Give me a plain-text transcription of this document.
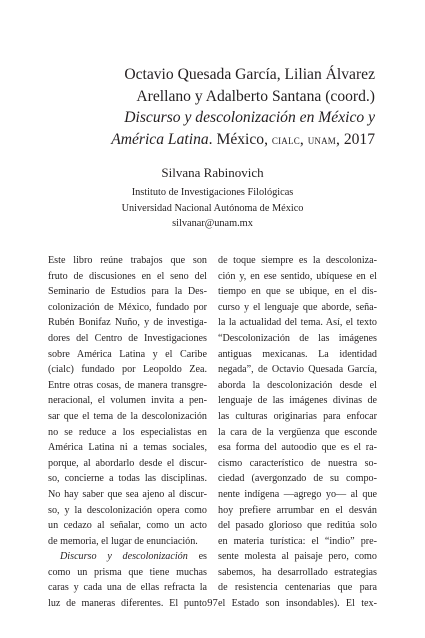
Octavio Quesada García, Lilian Álvarez
Arellano y Adalberto Santana (coord.)
Discurso y descolonización en México y
América Latina. México, cialc, unam, 2017
Silvana Rabinovich
Instituto de Investigaciones Filológicas
Universidad Nacional Autónoma de México
silvanar@unam.mx
Este libro reúne trabajos que son
fruto de discusiones en el seno del
Seminario de Estudios para la Des-
colonización de México, fundado por
Rubén Bonifaz Nuño, y de investiga-
dores del Centro de Investigaciones
sobre América Latina y el Caribe
(cialc) fundado por Leopoldo Zea.
Entre otras cosas, de manera transgre-
neracional, el volumen invita a pen-
sar que el tema de la descolonización
no se reduce a los especialistas en
América Latina ni a temas sociales,
porque, al abordarlo desde el discur-
so, concierne a todas las disciplinas.
No hay saber que sea ajeno al discur-
so, y la descolonización opera como
un cedazo al señalar, como un acto
de memoria, el lugar de enunciación.
Discurso y descolonización es
como un prisma que tiene muchas
caras y cada una de ellas refracta la
luz de maneras diferentes. El punto
de toque siempre es la descoloniza-
ción y, en ese sentido, ubíquese en el
tiempo en que se ubique, en el dis-
curso y el lenguaje que aborde, seña-
la la actualidad del tema. Así, el texto
“Descolonización de las imágenes
antiguas mexicanas. La identidad
negada”, de Octavio Quesada García,
aborda la descolonización desde el
lenguaje de las imágenes divinas de
las culturas originarias para enfocar
la cara de la vergüenza que esconde
esa forma del autoodio que es el ra-
cismo característico de nuestra so-
ciedad (avergonzado de su compo-
nente indígena —agrego yo— al que
hoy prefiere arrumbar en el desván
del pasado glorioso que reditúa solo
en materia turística: el “indio” pre-
sente molesta al paisaje pero, como
sabemos, ha desarrollado estrategias
de resistencia centenarias que para
el Estado son insondables). El tex-
97
